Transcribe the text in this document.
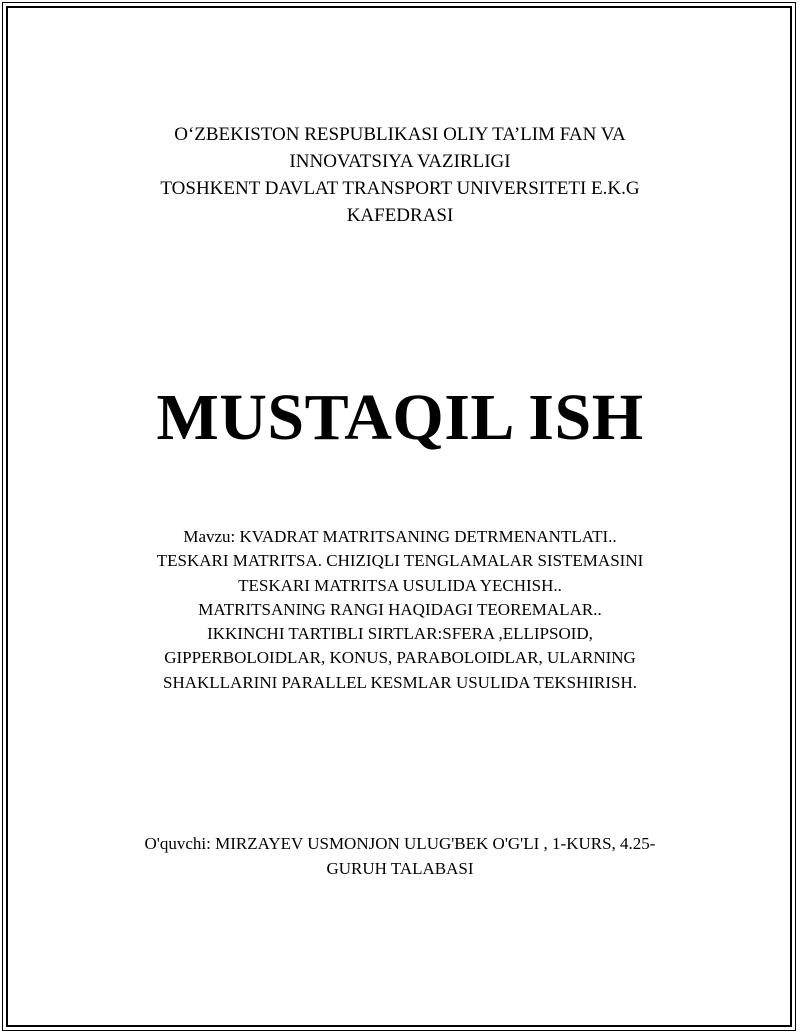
O‘ZBEKISTON RESPUBLIKASI OLIY TA’LIM FAN VA
INNOVATSIYA VAZIRLIGI
TOSHKENT DAVLAT TRANSPORT UNIVERSITETI E.K.G
KAFEDRASI
MUSTAQIL ISH
Mavzu: KVADRAT MATRITSANING DETRMENANTLATI..
TESKARI MATRITSA. CHIZIQLI TENGLAMALAR SISTEMASINI
TESKARI MATRITSA USULIDA YECHISH..
MATRITSANING RANGI HAQIDAGI TEOREMALAR..
IKKINCHI TARTIBLI SIRTLAR:SFERA ,ELLIPSOID,
GIPPERBOLOIDLAR, KONUS, PARABOLOIDLAR, ULARNING
SHAKLLARINI PARALLEL KESMLAR USULIDA TEKSHIRISH.
O'quvchi: MIRZAYEV USMONJON ULUG'BEK O'G'LI , 1-KURS, 4.25-
GURUH TALABASI
